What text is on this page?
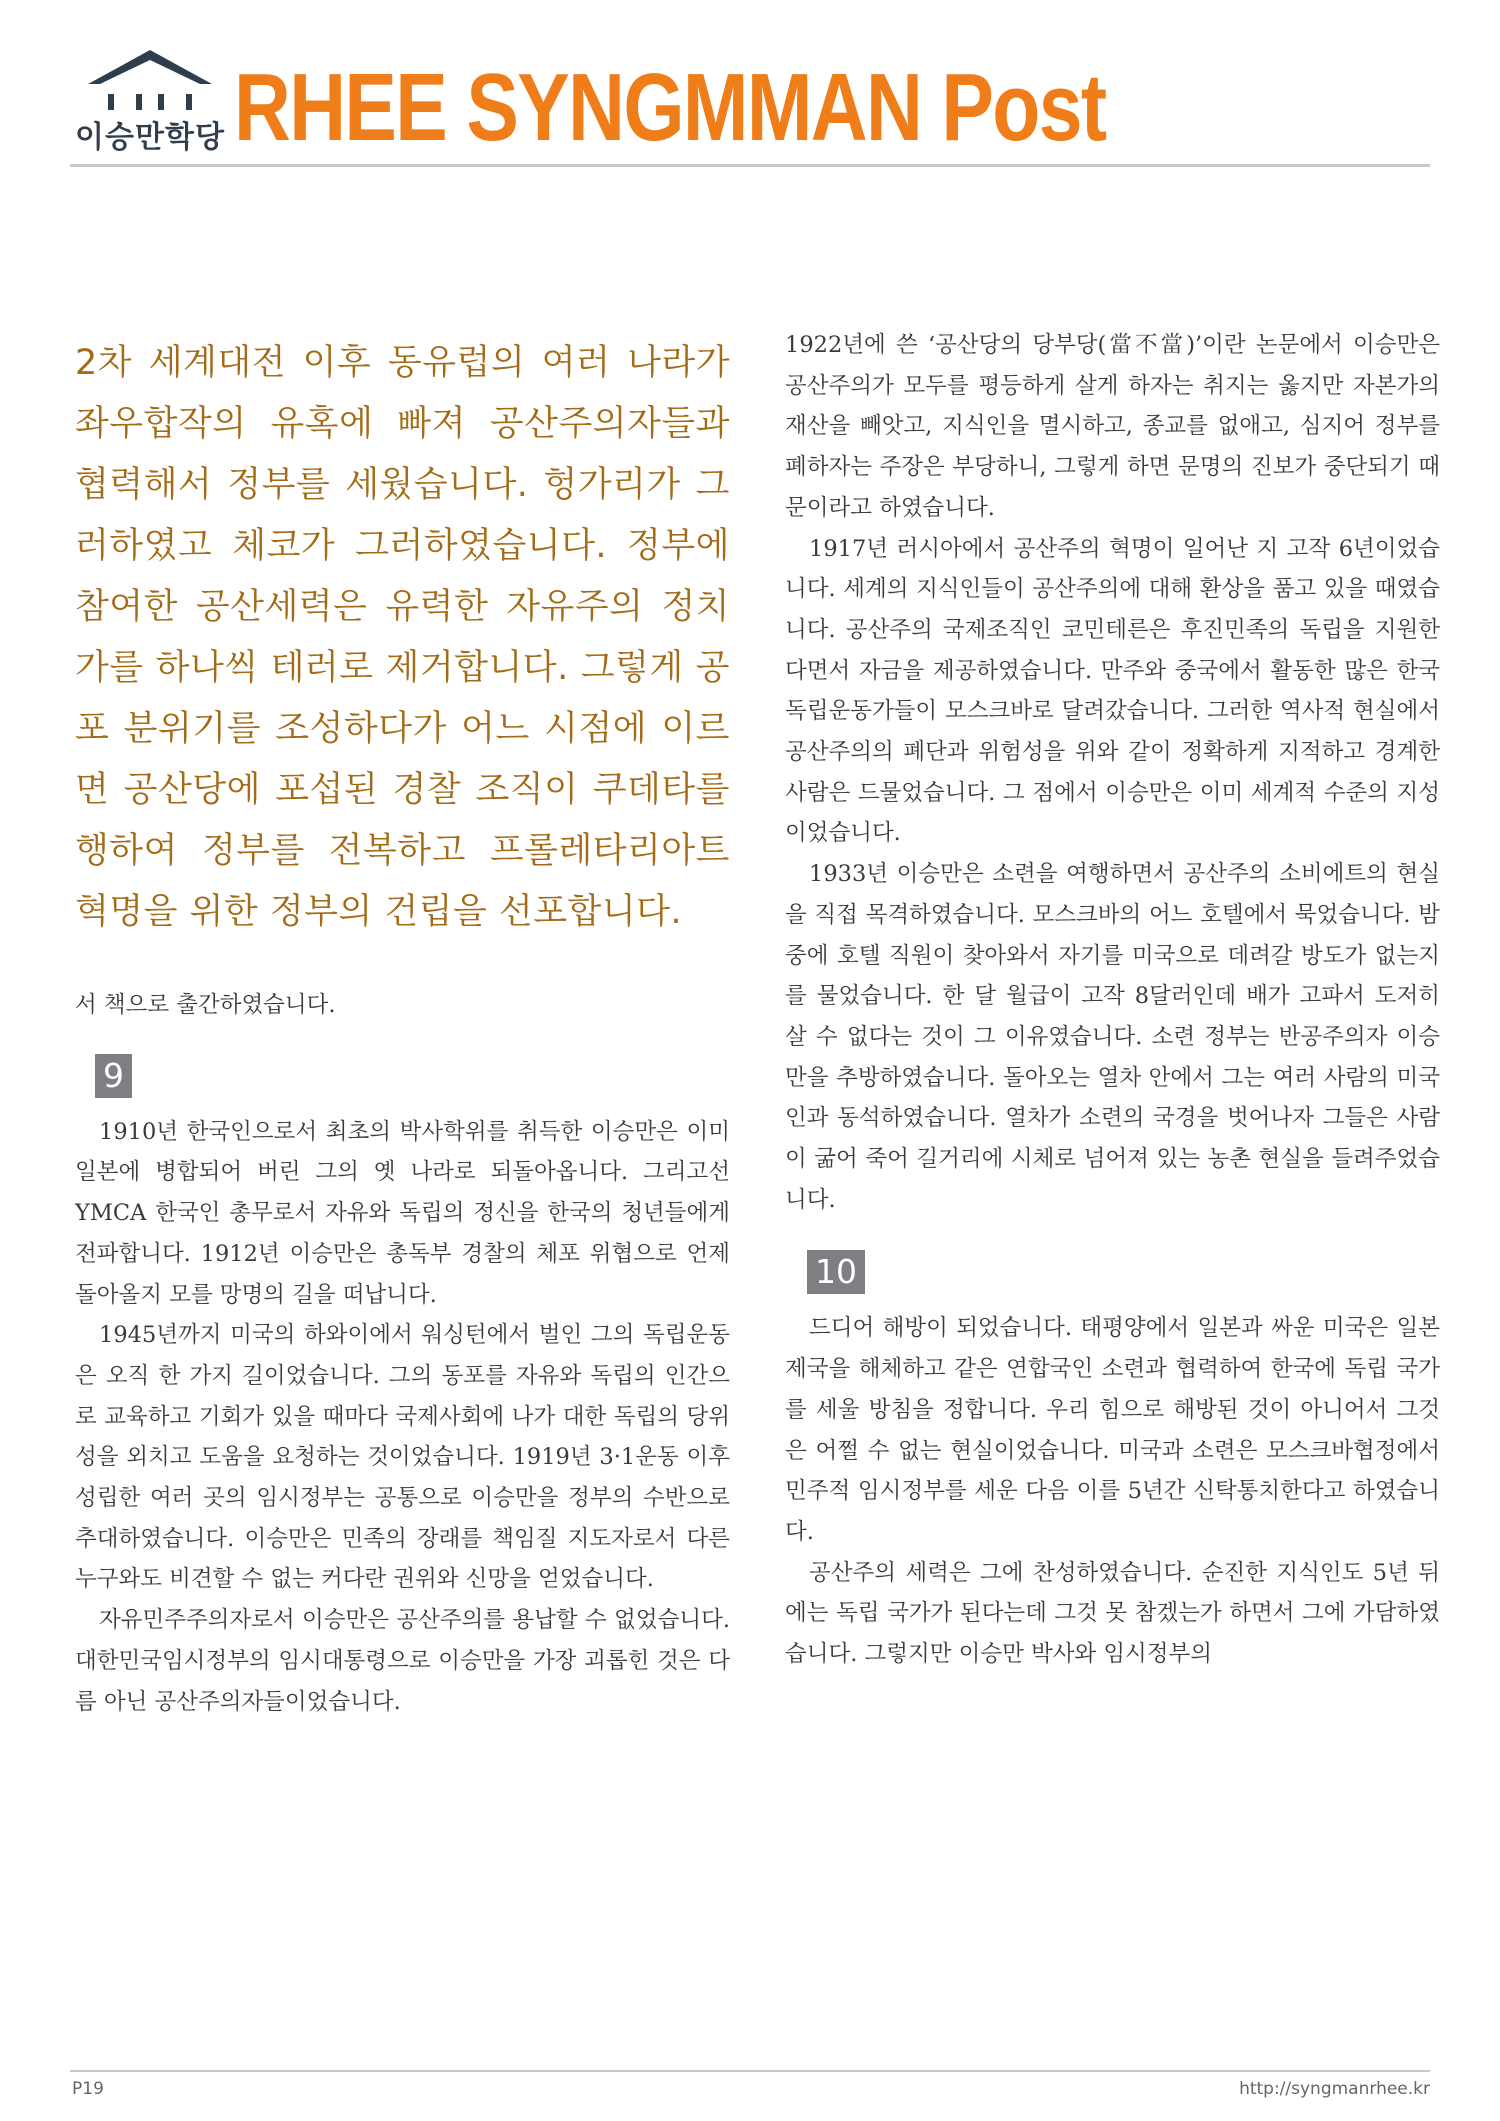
이승만학당 RHEE SYNGMMAN Post

2차 세계대전 이후 동유럽의 여러 나라가 좌우합작의 유혹에 빠져 공산주의자들과 협력해서 정부를 세웠습니다. 헝가리가 그러하였고 체코가 그러하였습니다. 정부에 참여한 공산세력은 유력한 자유주의 정치가를 하나씩 테러로 제거합니다. 그렇게 공포 분위기를 조성하다가 어느 시점에 이르면 공산당에 포섭된 경찰 조직이 쿠데타를 행하여 정부를 전복하고 프롤레타리아트 혁명을 위한 정부의 건립을 선포합니다.

서 책으로 출간하였습니다.

9

1910년 한국인으로서 최초의 박사학위를 취득한 이승만은 이미 일본에 병합되어 버린 그의 옛 나라로 되돌아옵니다. 그리고선 YMCA 한국인 총무로서 자유와 독립의 정신을 한국의 청년들에게 전파합니다. 1912년 이승만은 총독부 경찰의 체포 위협으로 언제 돌아올지 모를 망명의 길을 떠납니다.

1945년까지 미국의 하와이에서 워싱턴에서 벌인 그의 독립운동은 오직 한 가지 길이었습니다. 그의 동포를 자유와 독립의 인간으로 교육하고 기회가 있을 때마다 국제사회에 나가 대한 독립의 당위성을 외치고 도움을 요청하는 것이었습니다. 1919년 3·1운동 이후 성립한 여러 곳의 임시정부는 공통으로 이승만을 정부의 수반으로 추대하였습니다. 이승만은 민족의 장래를 책임질 지도자로서 다른 누구와도 비견할 수 없는 커다란 권위와 신망을 얻었습니다.

자유민주주의자로서 이승만은 공산주의를 용납할 수 없었습니다. 대한민국임시정부의 임시대통령으로 이승만을 가장 괴롭힌 것은 다름 아닌 공산주의자들이었습니다.

1922년에 쓴 ‘공산당의 당부당(當不當)’이란 논문에서 이승만은 공산주의가 모두를 평등하게 살게 하자는 취지는 옳지만 자본가의 재산을 빼앗고, 지식인을 멸시하고, 종교를 없애고, 심지어 정부를 폐하자는 주장은 부당하니, 그렇게 하면 문명의 진보가 중단되기 때문이라고 하였습니다.

1917년 러시아에서 공산주의 혁명이 일어난 지 고작 6년이었습니다. 세계의 지식인들이 공산주의에 대해 환상을 품고 있을 때였습니다. 공산주의 국제조직인 코민테른은 후진민족의 독립을 지원한다면서 자금을 제공하였습니다. 만주와 중국에서 활동한 많은 한국 독립운동가들이 모스크바로 달려갔습니다. 그러한 역사적 현실에서 공산주의의 폐단과 위험성을 위와 같이 정확하게 지적하고 경계한 사람은 드물었습니다. 그 점에서 이승만은 이미 세계적 수준의 지성이었습니다.

1933년 이승만은 소련을 여행하면서 공산주의 소비에트의 현실을 직접 목격하였습니다. 모스크바의 어느 호텔에서 묵었습니다. 밤중에 호텔 직원이 찾아와서 자기를 미국으로 데려갈 방도가 없는지를 물었습니다. 한 달 월급이 고작 8달러인데 배가 고파서 도저히 살 수 없다는 것이 그 이유였습니다. 소련 정부는 반공주의자 이승만을 추방하였습니다. 돌아오는 열차 안에서 그는 여러 사람의 미국인과 동석하였습니다. 열차가 소련의 국경을 벗어나자 그들은 사람이 굶어 죽어 길거리에 시체로 넘어져 있는 농촌 현실을 들려주었습니다.

10

드디어 해방이 되었습니다. 태평양에서 일본과 싸운 미국은 일본제국을 해체하고 같은 연합국인 소련과 협력하여 한국에 독립 국가를 세울 방침을 정합니다. 우리 힘으로 해방된 것이 아니어서 그것은 어쩔 수 없는 현실이었습니다. 미국과 소련은 모스크바협정에서 민주적 임시정부를 세운 다음 이를 5년간 신탁통치한다고 하였습니다.

공산주의 세력은 그에 찬성하였습니다. 순진한 지식인도 5년 뒤에는 독립 국가가 된다는데 그것 못 참겠는가 하면서 그에 가담하였습니다. 그렇지만 이승만 박사와 임시정부의

P19	http://syngmanrhee.kr
